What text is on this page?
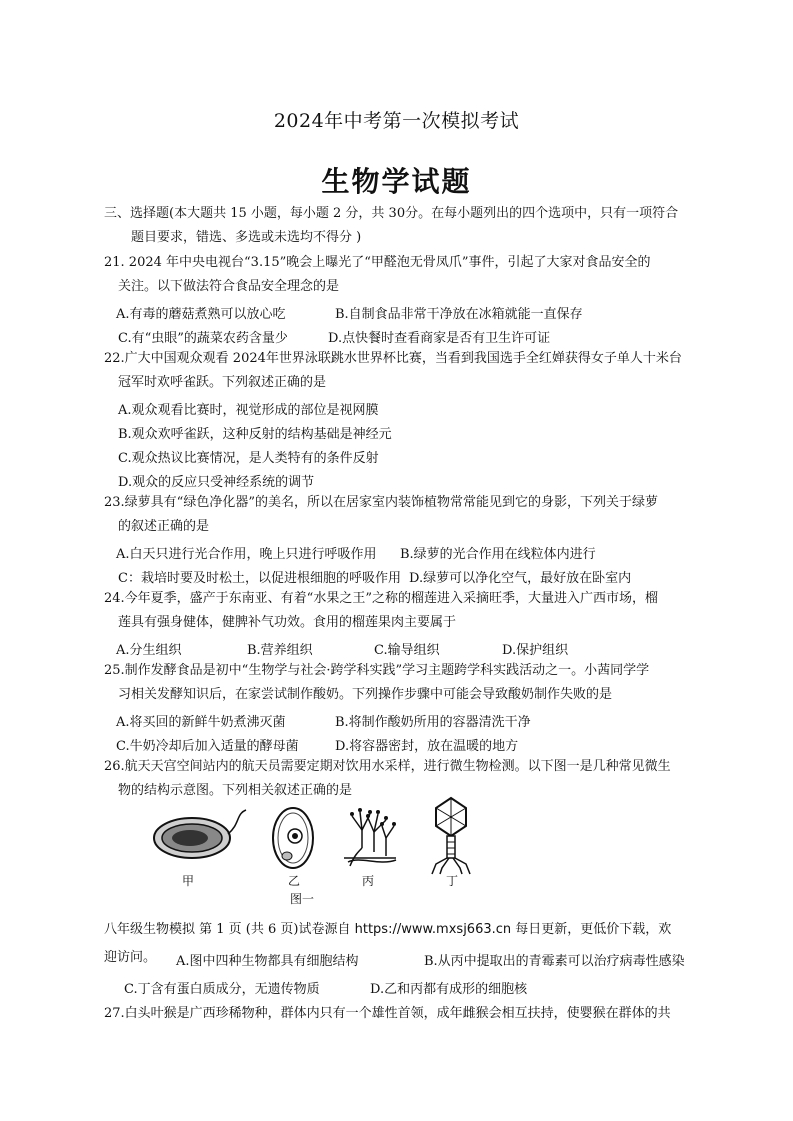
2024年中考第一次模拟考试
生物学试题
三、选择题(本大题共 15 小题，每小题 2 分，共 30分。在每小题列出的四个选项中，只有一项符合
题目要求，错选、多选或未选均不得分 )
21. 2024 年中央电视台“3.15”晚会上曝光了“甲醛泡无骨凤爪”事件，引起了大家对食品安全的
关注。以下做法符合食品安全理念的是
A.有毒的蘑菇煮熟可以放心吃	B.自制食品非常干净放在冰箱就能一直保存
C.有“虫眼”的蔬菜农药含量少	D.点快餐时查看商家是否有卫生许可证
22.广大中国观众观看 2024年世界泳联跳水世界杯比赛，当看到我国选手全红婵获得女子单人十米台
冠军时欢呼雀跃。下列叙述正确的是
A.观众观看比赛时，视觉形成的部位是视网膜
B.观众欢呼雀跃，这种反射的结构基础是神经元
C.观众热议比赛情况，是人类特有的条件反射
D.观众的反应只受神经系统的调节
23.绿萝具有“绿色净化器”的美名，所以在居家室内装饰植物常常能见到它的身影，下列关于绿萝
的叙述正确的是
A.白天只进行光合作用，晚上只进行呼吸作用 B.绿萝的光合作用在线粒体内进行
C：栽培时要及时松土，以促进根细胞的呼吸作用 D.绿萝可以净化空气，最好放在卧室内
24.今年夏季，盛产于东南亚、有着“水果之王”之称的榴莲进入采摘旺季，大量进入广西市场，榴
莲具有强身健体，健脾补气功效。食用的榴莲果肉主要属于
A.分生组织	B.营养组织	C.输导组织	D.保护组织
25.制作发酵食品是初中“生物学与社会·跨学科实践”学习主题跨学科实践活动之一。小茜同学学
习相关发酵知识后，在家尝试制作酸奶。下列操作步骤中可能会导致酸奶制作失败的是
A.将买回的新鲜牛奶煮沸灭菌	B.将制作酸奶所用的容器清洗干净
C.牛奶冷却后加入适量的酵母菌	D.将容器密封，放在温暖的地方
26.航天天宫空间站内的航天员需要定期对饮用水采样，进行微生物检测。以下图一是几种常见微生
物的结构示意图。下列相关叙述正确的是
甲	乙	丙	丁
图一
八年级生物模拟 第 1 页 (共 6 页)试卷源自 https://www.mxsj663.cn 每日更新，更低价下载，欢
迎访问。 A.图中四种生物都具有细胞结构	B.从丙中提取出的青霉素可以治疗病毒性感染
C.丁含有蛋白质成分，无遗传物质	D.乙和丙都有成形的细胞核
27.白头叶猴是广西珍稀物种，群体内只有一个雄性首领，成年雌猴会相互扶持，使婴猴在群体的共
